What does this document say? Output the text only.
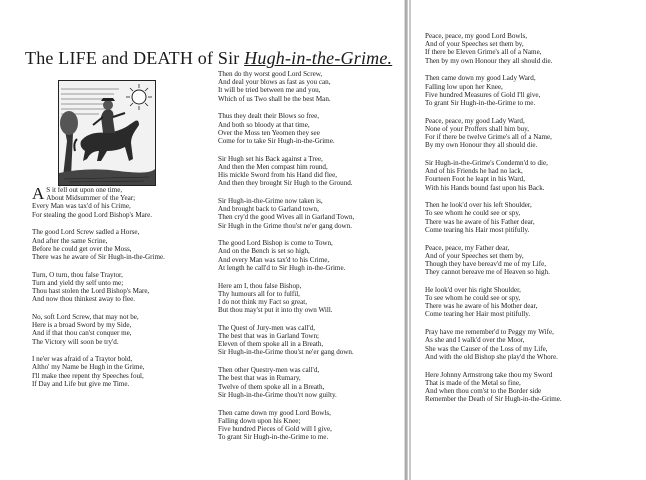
The LIFE and DEATH of Sir Hugh-in-the-Grime.
A S it fell out upon one time,
About Midsummer of the Year;
Every Man was tax'd of his Crime,
For stealing the good Lord Bishop's Mare.
The good Lord Screw sadled a Horse,
And after the same Scrine,
Before he could get over the Moss,
There was he aware of Sir Hugh-in-the-Grime.
Turn, O turn, thou false Traytor,
Turn and yield thy self unto me;
Thou hast stolen the Lord Bishop's Mare,
And now thou thinkest away to flee.
No, soft Lord Screw, that may not be,
Here is a broad Sword by my Side,
And if that thou can'st conquer me,
The Victory will soon be try'd.
I ne'er was afraid of a Traytor bold,
Altho' my Name be Hugh in the Grime,
I'll make thee repent thy Speeches foul,
If Day and Life but give me Time.
Then do thy worst good Lord Screw,
And deal your blows as fast as you can,
It will be tried between me and you,
Which of us Two shall be the best Man.
Thus they dealt their Blows so free,
And both so bloody at that time,
Over the Moss ten Yeomen they see
Come for to take Sir Hugh-in-the-Grime.
Sir Hugh set his Back against a Tree,
And then the Men compast him round,
His mickle Sword from his Hand did flee,
And then they brought Sir Hugh to the Ground.
Sir Hugh-in-the-Grime now taken is,
And brought back to Garland town,
Then cry'd the good Wives all in Garland Town,
Sir Hugh in the Grime thou'st ne'er gang down.
The good Lord Bishop is come to Town,
And on the Bench is set so high,
And every Man was tax'd to his Crime,
At length he call'd to Sir Hugh in-the-Grime.
Here am I, thou false Bishop,
Thy humours all for to fulfil,
I do not think my Fact so great,
But thou may'st put it into thy own Will.
The Quest of Jury-men was call'd,
The best that was in Garland Town;
Eleven of them spoke all in a Breath,
Sir Hugh-in-the-Grime thou'st ne'er gang down.
Then other Questry-men was call'd,
The best that was in Rumary,
Twelve of them spoke all in a Breath,
Sir Hugh-in-the-Grime thou'rt now guilty.
Then came down my good Lord Bowls,
Falling down upon his Knee;
Five hundred Pieces of Gold will I give,
To grant Sir Hugh-in-the-Grime to me.
Peace, peace, my good Lord Bowls,
And of your Speeches set them by,
If there be Eleven Grime's all of a Name,
Then by my own Honour they all should die.
Then came down my good Lady Ward,
Falling low upon her Knee,
Five hundred Measures of Gold I'll give,
To grant Sir Hugh-in-the-Grime to me.
Peace, peace, my good Lady Ward,
None of your Proffers shall him buy,
For if there be twelve Grime's all of a Name,
By my own Honour they all should die.
Sir Hugh-in-the-Grime's Condemn'd to die,
And of his Friends he had no lack,
Fourteen Foot he leapt in his Ward,
With his Hands bound fast upon his Back.
Then he look'd over his left Shoulder,
To see whom he could see or spy,
There was he aware of his Father dear,
Come tearing his Hair most pitifully.
Peace, peace, my Father dear,
And of your Speeches set them by,
Though they have bereav'd me of my Life,
They cannot bereave me of Heaven so high.
He look'd over his right Shoulder,
To see whom he could see or spy,
There was he aware of his Mother dear,
Come tearing her Hair most pitifully.
Pray have me remember'd to Peggy my Wife,
As she and I walk'd over the Moor,
She was the Causer of the Loss of my Life,
And with the old Bishop she play'd the Whore.
Here Johnny Armstrong take thou my Sword
That is made of the Metal so fine,
And when thou com'st to the Border side
Remember the Death of Sir Hugh-in-the-Grime.
